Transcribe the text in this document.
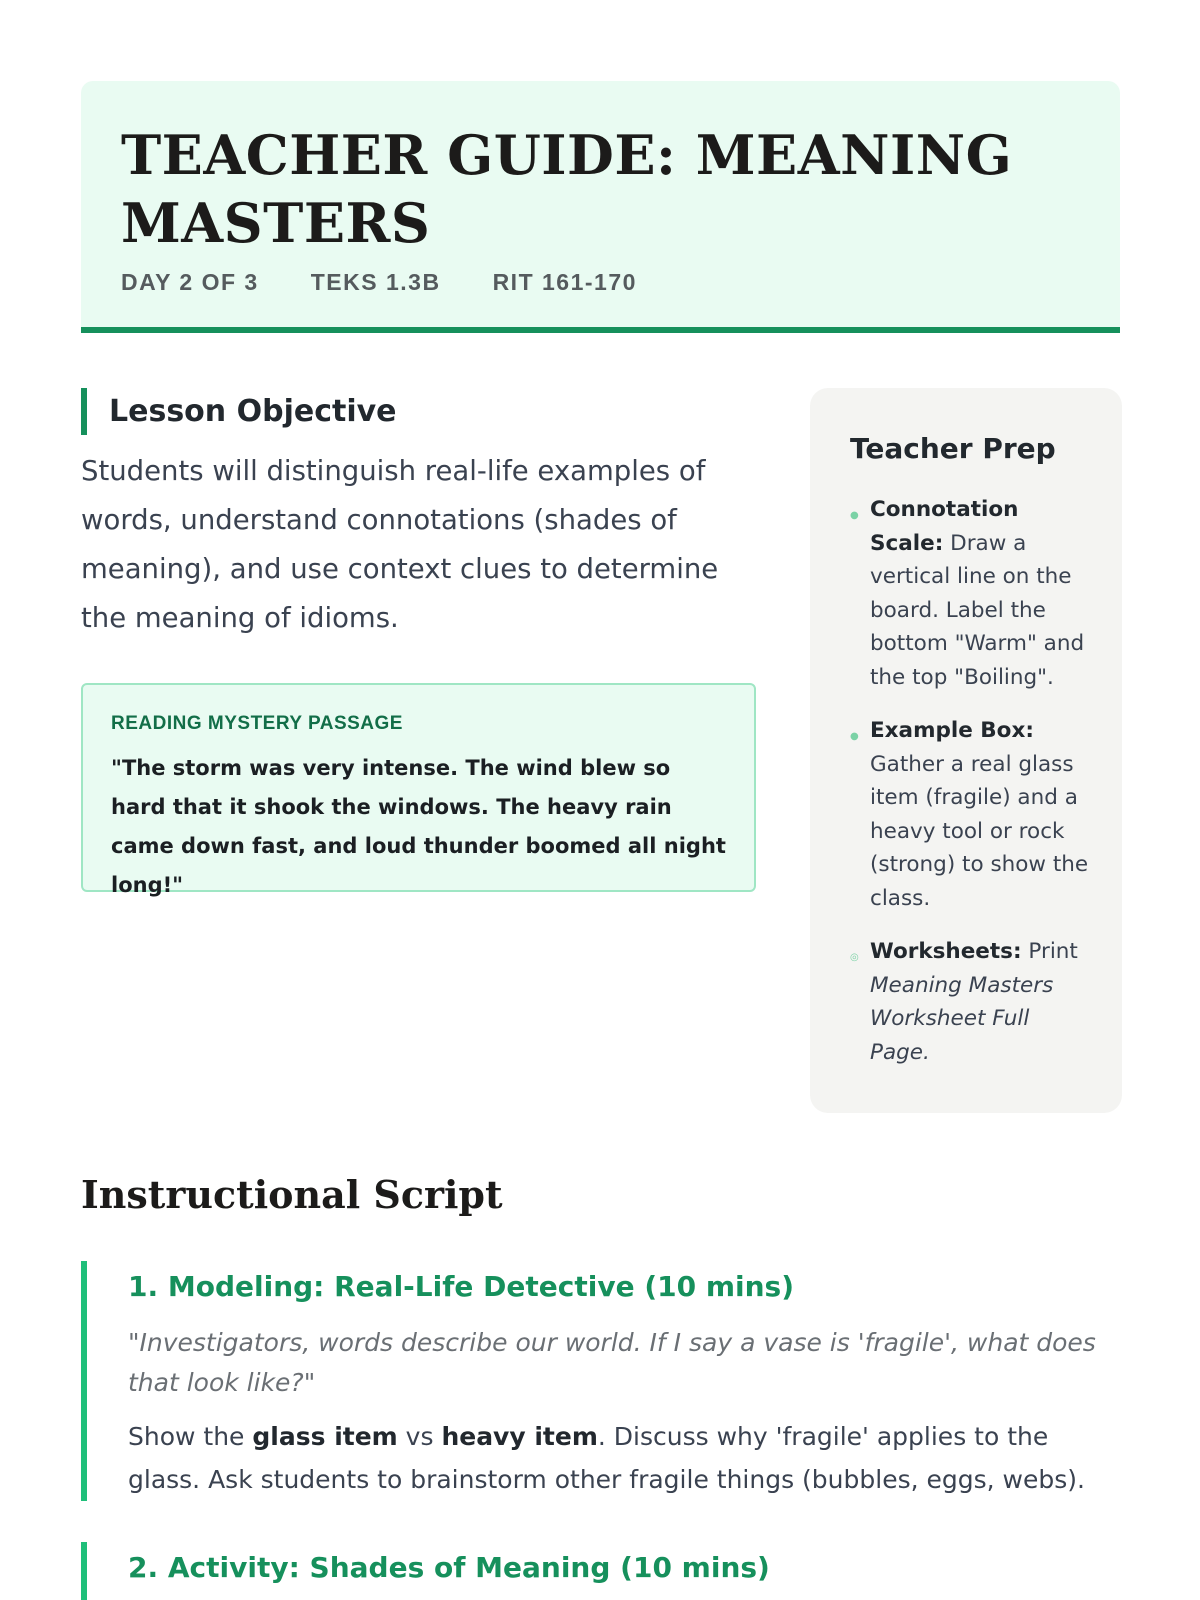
TEACHER GUIDE: MEANING MASTERS
DAY 2 OF 3 TEKS 1.3B RIT 161-170
Lesson Objective

Students will distinguish real-life examples of words, understand connotations (shades of meaning), and use context clues to determine the meaning of idioms.

READING MYSTERY PASSAGE

"The storm was very intense. The wind blew so hard that it shook the windows. The heavy rain came down fast, and loud thunder boomed all night long!"

Teacher Prep
● Connotation Scale: Draw a vertical line on the board. Label the bottom "Warm" and the top "Boiling".
● Example Box: Gather a real glass item (fragile) and a heavy tool or rock (strong) to show the class.
◎ Worksheets: Print Meaning Masters Worksheet Full Page.
Instructional Script
1. Modeling: Real-Life Detective (10 mins)

"Investigators, words describe our world. If I say a vase is 'fragile', what does that look like?"

Show the glass item vs heavy item. Discuss why 'fragile' applies to the glass. Ask students to brainstorm other fragile things (bubbles, eggs, webs).

2. Activity: Shades of Meaning (10 mins)
